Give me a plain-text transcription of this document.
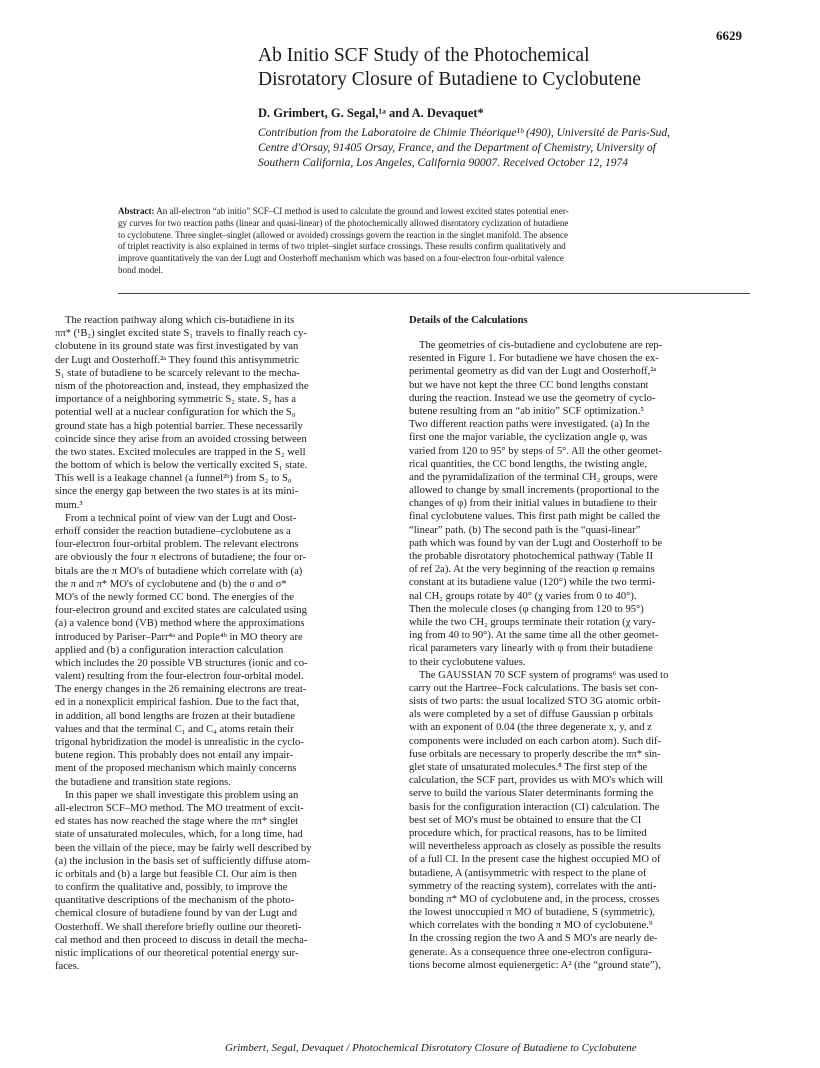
6629
Ab Initio SCF Study of the Photochemical
Disrotatory Closure of Butadiene to Cyclobutene

D. Grimbert, G. Segal,¹ᵃ and A. Devaquet*

Contribution from the Laboratoire de Chimie Théorique¹ᵇ (490), Université de Paris-Sud,
Centre d'Orsay, 91405 Orsay, France, and the Department of Chemistry, University of
Southern California, Los Angeles, California 90007. Received October 12, 1974

Abstract: An all-electron “ab initio” SCF–CI method is used to calculate the ground and lowest excited states potential ener-
gy curves for two reaction paths (linear and quasi-linear) of the photochemically allowed disrotatory cyclization of butadiene
to cyclobutene. Three singlet–singlet (allowed or avoided) crossings govern the reaction in the singlet manifold. The absence
of triplet reactivity is also explained in terms of two triplet–singlet surface crossings. These results confirm qualitatively and
improve quantitatively the van der Lugt and Oosterhoff mechanism which was based on a four-electron four-orbital valence
bond model.
The reaction pathway along which cis-butadiene in its
ππ* (¹B₂) singlet excited state S₁ travels to finally reach cy-
clobutene in its ground state was first investigated by van
der Lugt and Oosterhoff.²ᵃ They found this antisymmetric
S₁ state of butadiene to be scarcely relevant to the mecha-
nism of the photoreaction and, instead, they emphasized the
importance of a neighboring symmetric S₂ state. S₂ has a
potential well at a nuclear configuration for which the S₀
ground state has a high potential barrier. These necessarily
coincide since they arise from an avoided crossing between
the two states. Excited molecules are trapped in the S₂ well
the bottom of which is below the vertically excited S₁ state.
This well is a leakage channel (a funnel²ᵇ) from S₂ to S₀
since the energy gap between the two states is at its mini-
mum.³
From a technical point of view van der Lugt and Oost-
erhoff consider the reaction butadiene–cyclobutene as a
four-electron four-orbital problem. The relevant electrons
are obviously the four π electrons of butadiene; the four or-
bitals are the π MO's of butadiene which correlate with (a)
the π and π* MO's of cyclobutene and (b) the σ and σ*
MO's of the newly formed CC bond. The energies of the
four-electron ground and excited states are calculated using
(a) a valence bond (VB) method where the approximations
introduced by Pariser–Parr⁴ᵃ and Pople⁴ᵇ in MO theory are
applied and (b) a configuration interaction calculation
which includes the 20 possible VB structures (ionic and co-
valent) resulting from the four-electron four-orbital model.
The energy changes in the 26 remaining electrons are treat-
ed in a nonexplicit empirical fashion. Due to the fact that,
in addition, all bond lengths are frozen at their butadiene
values and that the terminal C₁ and C₄ atoms retain their
trigonal hybridization the model is unrealistic in the cyclo-
butene region. This probably does not entail any impair-
ment of the proposed mechanism which mainly concerns
the butadiene and transition state regions.
In this paper we shall investigate this problem using an
all-electron SCF–MO method. The MO treatment of excit-
ed states has now reached the stage where the ππ* singlet
state of unsaturated molecules, which, for a long time, had
been the villain of the piece, may be fairly well described by
(a) the inclusion in the basis set of sufficiently diffuse atom-
ic orbitals and (b) a large but feasible CI. Our aim is then
to confirm the qualitative and, possibly, to improve the
quantitative descriptions of the mechanism of the photo-
chemical closure of butadiene found by van der Lugt and
Oosterhoff. We shall therefore briefly outline our theoreti-
cal method and then proceed to discuss in detail the mecha-
nistic implications of our theoretical potential energy sur-
faces.
Details of the Calculations
The geometries of cis-butadiene and cyclobutene are rep-
resented in Figure 1. For butadiene we have chosen the ex-
perimental geometry as did van der Lugt and Oosterhoff,²ᵃ
but we have not kept the three CC bond lengths constant
during the reaction. Instead we use the geometry of cyclo-
butene resulting from an “ab initio” SCF optimization.⁵
Two different reaction paths were investigated. (a) In the
first one the major variable, the cyclization angle φ, was
varied from 120 to 95° by steps of 5°. All the other geomet-
rical quantities, the CC bond lengths, the twisting angle,
and the pyramidalization of the terminal CH₂ groups, were
allowed to change by small increments (proportional to the
changes of φ) from their initial values in butadiene to their
final cyclobutene values. This first path might be called the
“linear” path. (b) The second path is the “quasi-linear”
path which was found by van der Lugt and Oosterhoff to be
the probable disrotatory photochemical pathway (Table II
of ref 2a). At the very beginning of the reaction φ remains
constant at its butadiene value (120°) while the two termi-
nal CH₂ groups rotate by 40° (χ varies from 0 to 40°).
Then the molecule closes (φ changing from 120 to 95°)
while the two CH₂ groups terminate their rotation (χ vary-
ing from 40 to 90°). At the same time all the other geomet-
rical parameters vary linearly with φ from their butadiene
to their cyclobutene values.
The GAUSSIAN 70 SCF system of programs⁶ was used to
carry out the Hartree–Fock calculations. The basis set con-
sists of two parts: the usual localized STO 3G atomic orbit-
als were completed by a set of diffuse Gaussian p orbitals
with an exponent of 0.04 (the three degenerate x, y, and z
components were included on each carbon atom). Such dif-
fuse orbitals are necessary to properly describe the ππ* sin-
glet state of unsaturated molecules.⁸ The first step of the
calculation, the SCF part, provides us with MO's which will
serve to build the various Slater determinants forming the
basis for the configuration interaction (CI) calculation. The
best set of MO's must be obtained to ensure that the CI
procedure which, for practical reasons, has to be limited
will nevertheless approach as closely as possible the results
of a full CI. In the present case the highest occupied MO of
butadiene, A (antisymmetric with respect to the plane of
symmetry of the reacting system), correlates with the anti-
bonding π* MO of cyclobutene and, in the process, crosses
the lowest unoccupied π MO of butadiene, S (symmetric),
which correlates with the bonding π MO of cyclobutene.⁹
In the crossing region the two A and S MO's are nearly de-
generate. As a consequence three one-electron configura-
tions become almost equienergetic: A² (the “ground state”),
Grimbert, Segal, Devaquet / Photochemical Disrotatory Closure of Butadiene to Cyclobutene
